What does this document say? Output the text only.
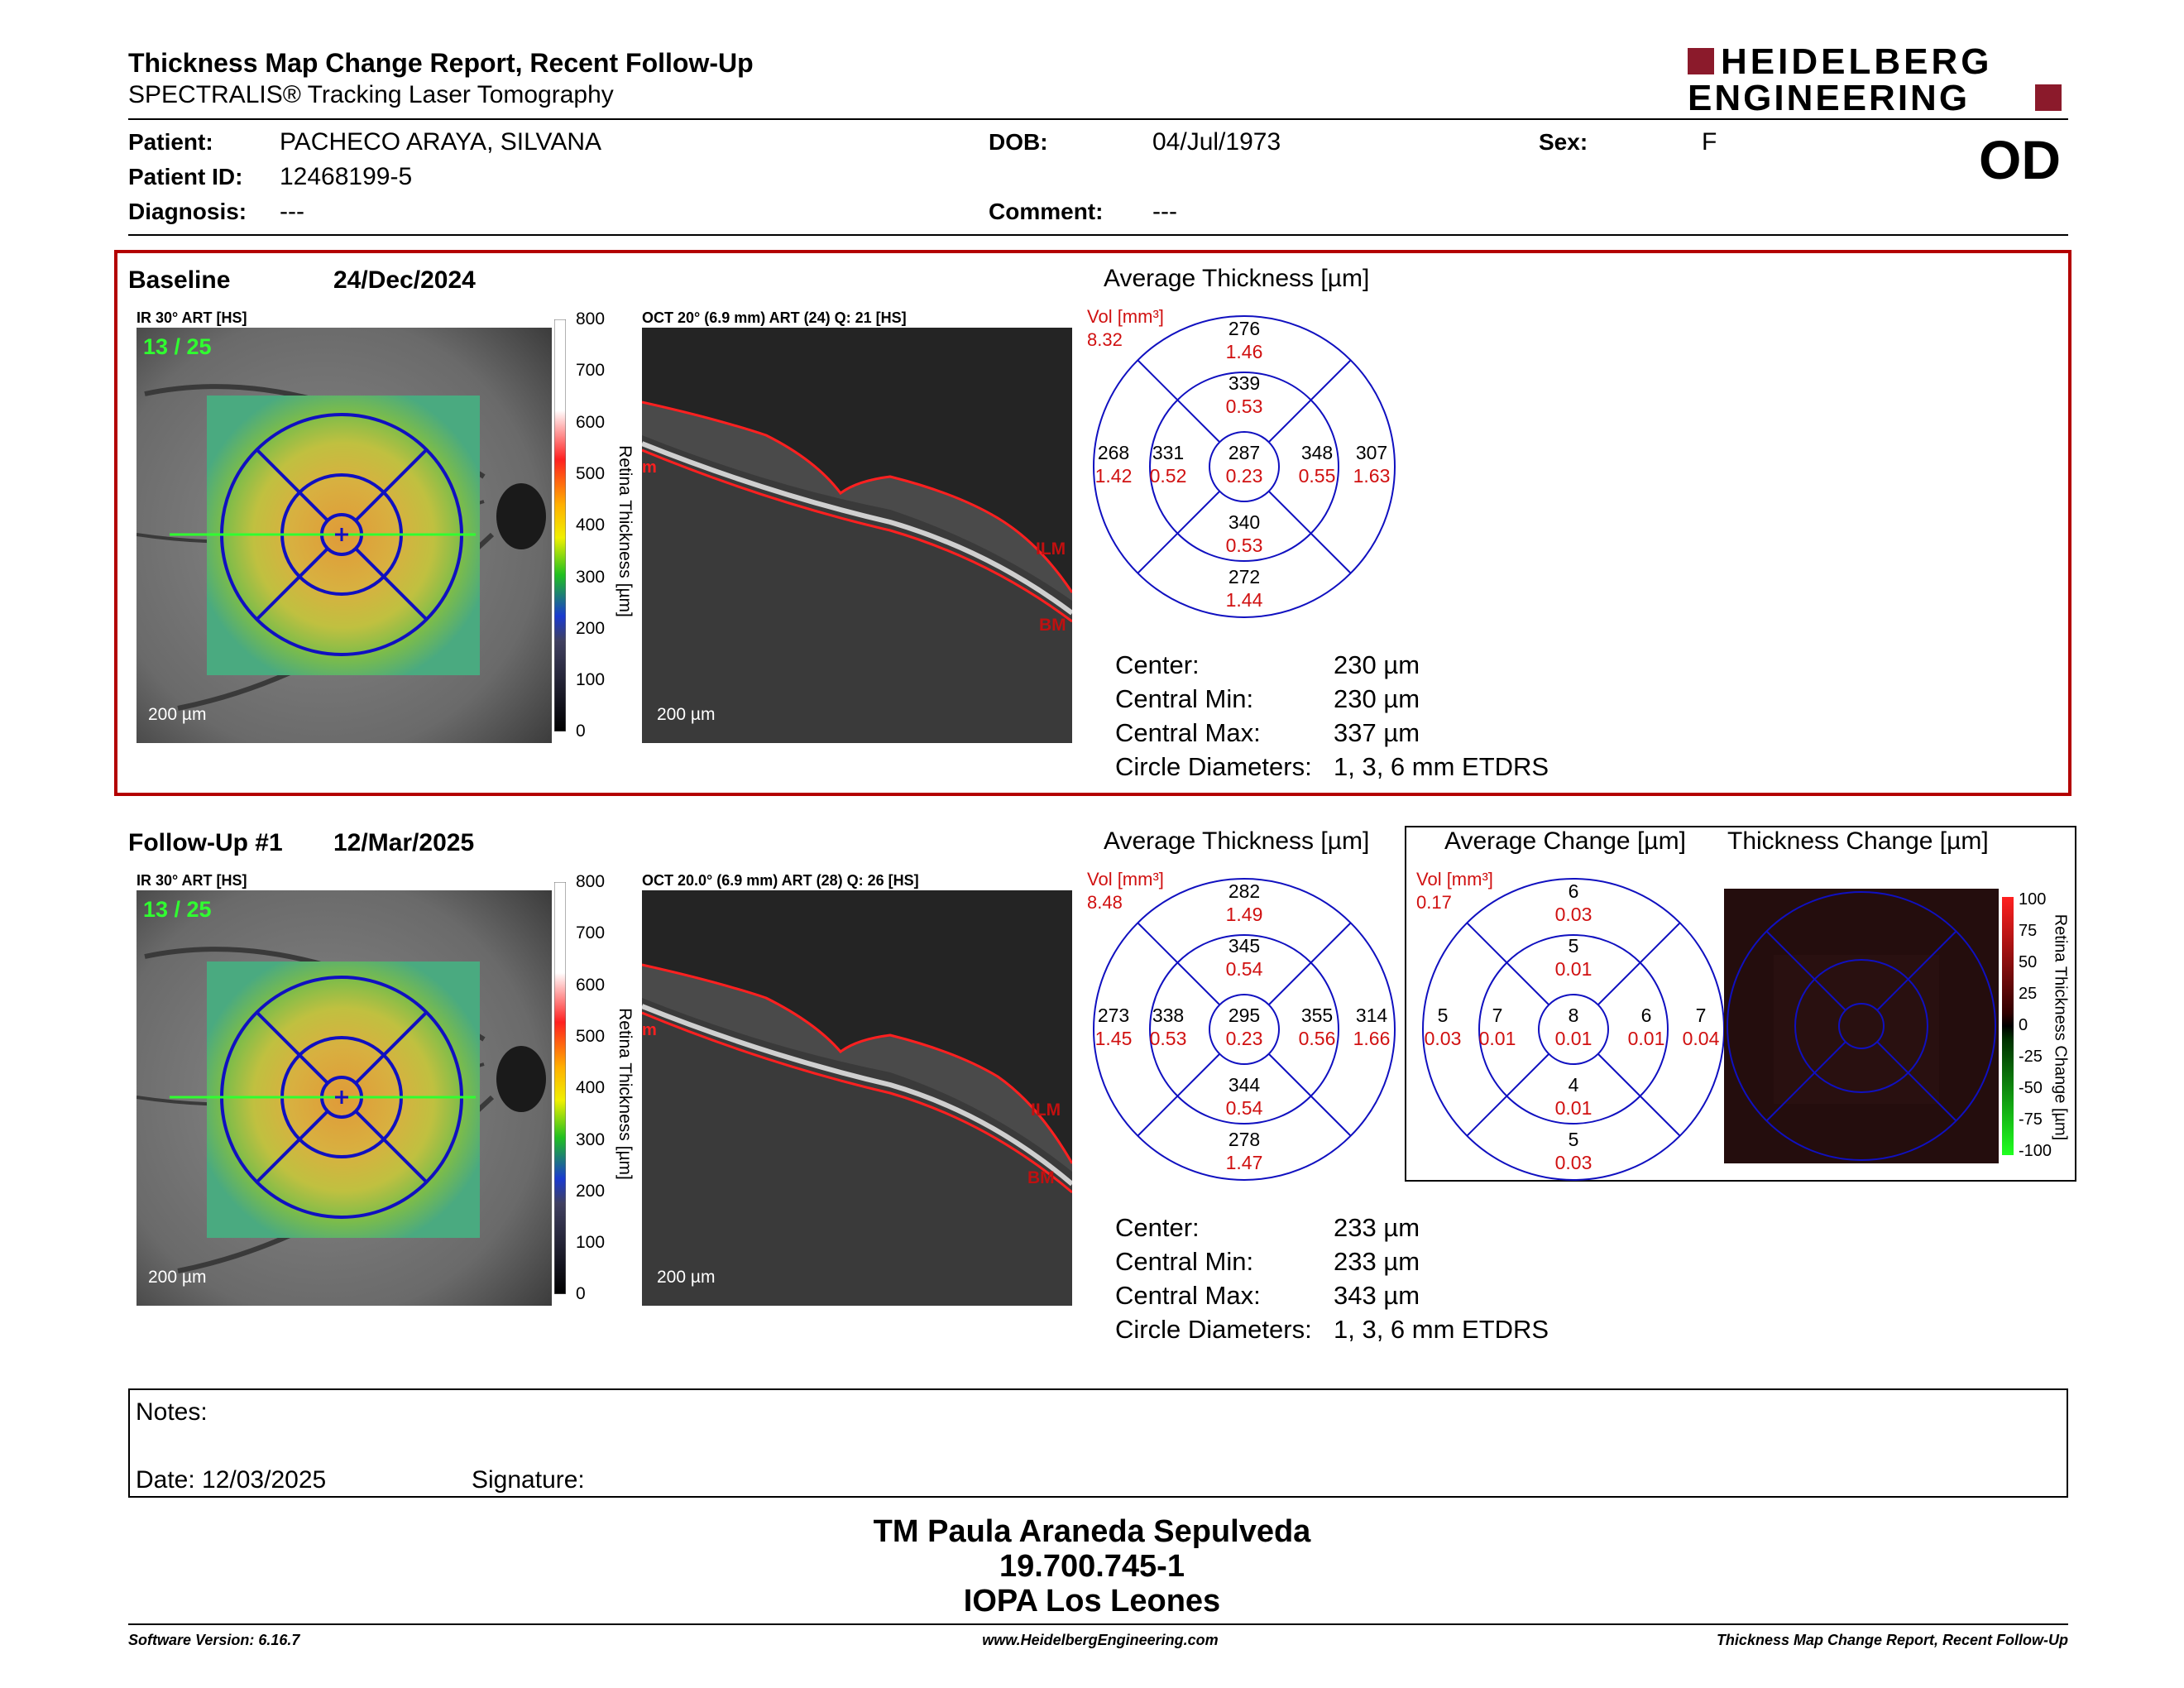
Thickness Map Change Report, Recent Follow-Up
SPECTRALIS® Tracking Laser Tomography
HEIDELBERG
ENGINEERING
Patient:	PACHECO ARAYA, SILVANA	DOB:	04/Jul/1973	Sex:	F	OD
Patient ID: 12468199-5
Diagnosis: ---	Comment: ---
Baseline	24/Dec/2024
IR 30° ART [HS]
13 / 25
200 µm
800
700
600
500
400
300
200
100
0
Retina Thickness [µm]
OCT 20° (6.9 mm) ART (24) Q: 21 [HS]
m
ILM
BM
200 µm
Average Thickness [µm]
Vol [mm³]
8.32
276
1.46
339
0.53
268
1.42
331
0.52
287
0.23
348
0.55
307
1.63
340
0.53
272
1.44
Center:	230 µm
Central Min:	230 µm
Central Max:	337 µm
Circle Diameters: 1, 3, 6 mm ETDRS
Follow-Up #1 12/Mar/2025
IR 30° ART [HS]
13 / 25
200 µm
800
700
600
500
400
300
200
100
0
Retina Thickness [µm]
OCT 20.0° (6.9 mm) ART (28) Q: 26 [HS]
m
ILM
BM
200 µm
Average Thickness [µm]
Vol [mm³]
8.48
282
1.49
345
0.54
273
1.45
338
0.53
295
0.23
355
0.56
314
1.66
344
0.54
278
1.47
Average Change [µm] Thickness Change [µm]
Vol [mm³]
0.17
6
0.03
5
0.01
5
0.03
7
0.01
8
0.01
6
0.01
7
0.04
4
0.01
5
0.03
100
75
50
25
0
-25
-50
-75
-100
Retina Thickness Change [µm]
Center:	233 µm
Central Min:	233 µm
Central Max:	343 µm
Circle Diameters: 1, 3, 6 mm ETDRS
Notes:
Date: 12/03/2025	Signature:
TM Paula Araneda Sepulveda
19.700.745-1
IOPA Los Leones
Software Version: 6.16.7	www.HeidelbergEngineering.com	Thickness Map Change Report, Recent Follow-Up
